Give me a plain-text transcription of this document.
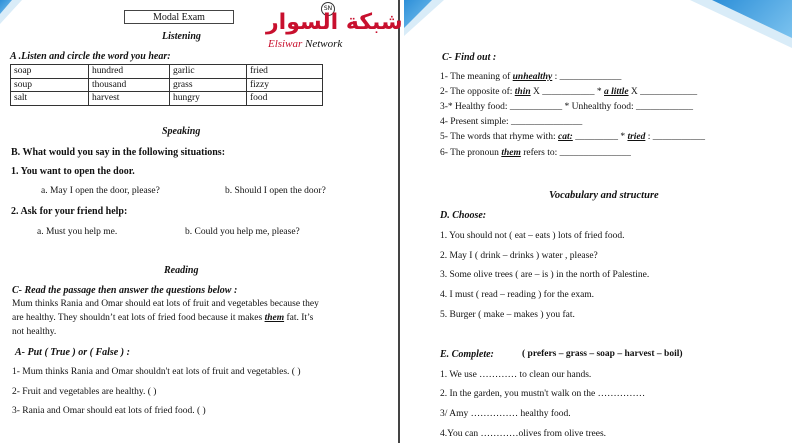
Modal Exam
SN
شبكة السوار
Elsiwar Network
Listening
A .Listen and circle the word you hear:
soap	hundred	garlic	fried
soup	thousand	grass	fizzy
salt	harvest	hungry	food
Speaking
B. What would you say in the following situations:
1. You want to open the door.
a. May I open the door, please?	b. Should I open the door?
2. Ask for your friend help:
a. Must you help me.	b. Could you help me, please?
Reading
C- Read the passage then answer the questions below :
Mum thinks Rania and Omar should eat lots of fruit and vegetables because they
are healthy. They shouldn’t eat lots of fried food because it makes them fat. It’s
not healthy.
A- Put ( True ) or ( False ) :
1- Mum thinks Rania and Omar shouldn't eat lots of fruit and vegetables. ( )
2- Fruit and vegetables are healthy. ( )
3- Rania and Omar should eat lots of fried food. ( )
C- Find out :
1- The meaning of unhealthy : _____________
2- The opposite of: thin X ___________ * a little X ____________
3-* Healthy food: ___________ * Unhealthy food: ____________
4- Present simple: _______________
5- The words that rhyme with: cat: _________ * tried : ___________
6- The pronoun them refers to: _______________
Vocabulary and structure
D. Choose:
1. You should not ( eat – eats ) lots of fried food.
2. May I ( drink – drinks ) water , please?
3. Some olive trees ( are – is ) in the north of Palestine.
4. I must ( read – reading ) for the exam.
5. Burger ( make – makes ) you fat.
E. Complete:	( prefers – grass – soap – harvest – boil)
1. We use ………… to clean our hands.
2. In the garden, you mustn't walk on the ……………
3/ Amy …………… healthy food.
4.You can …………olives from olive trees.
